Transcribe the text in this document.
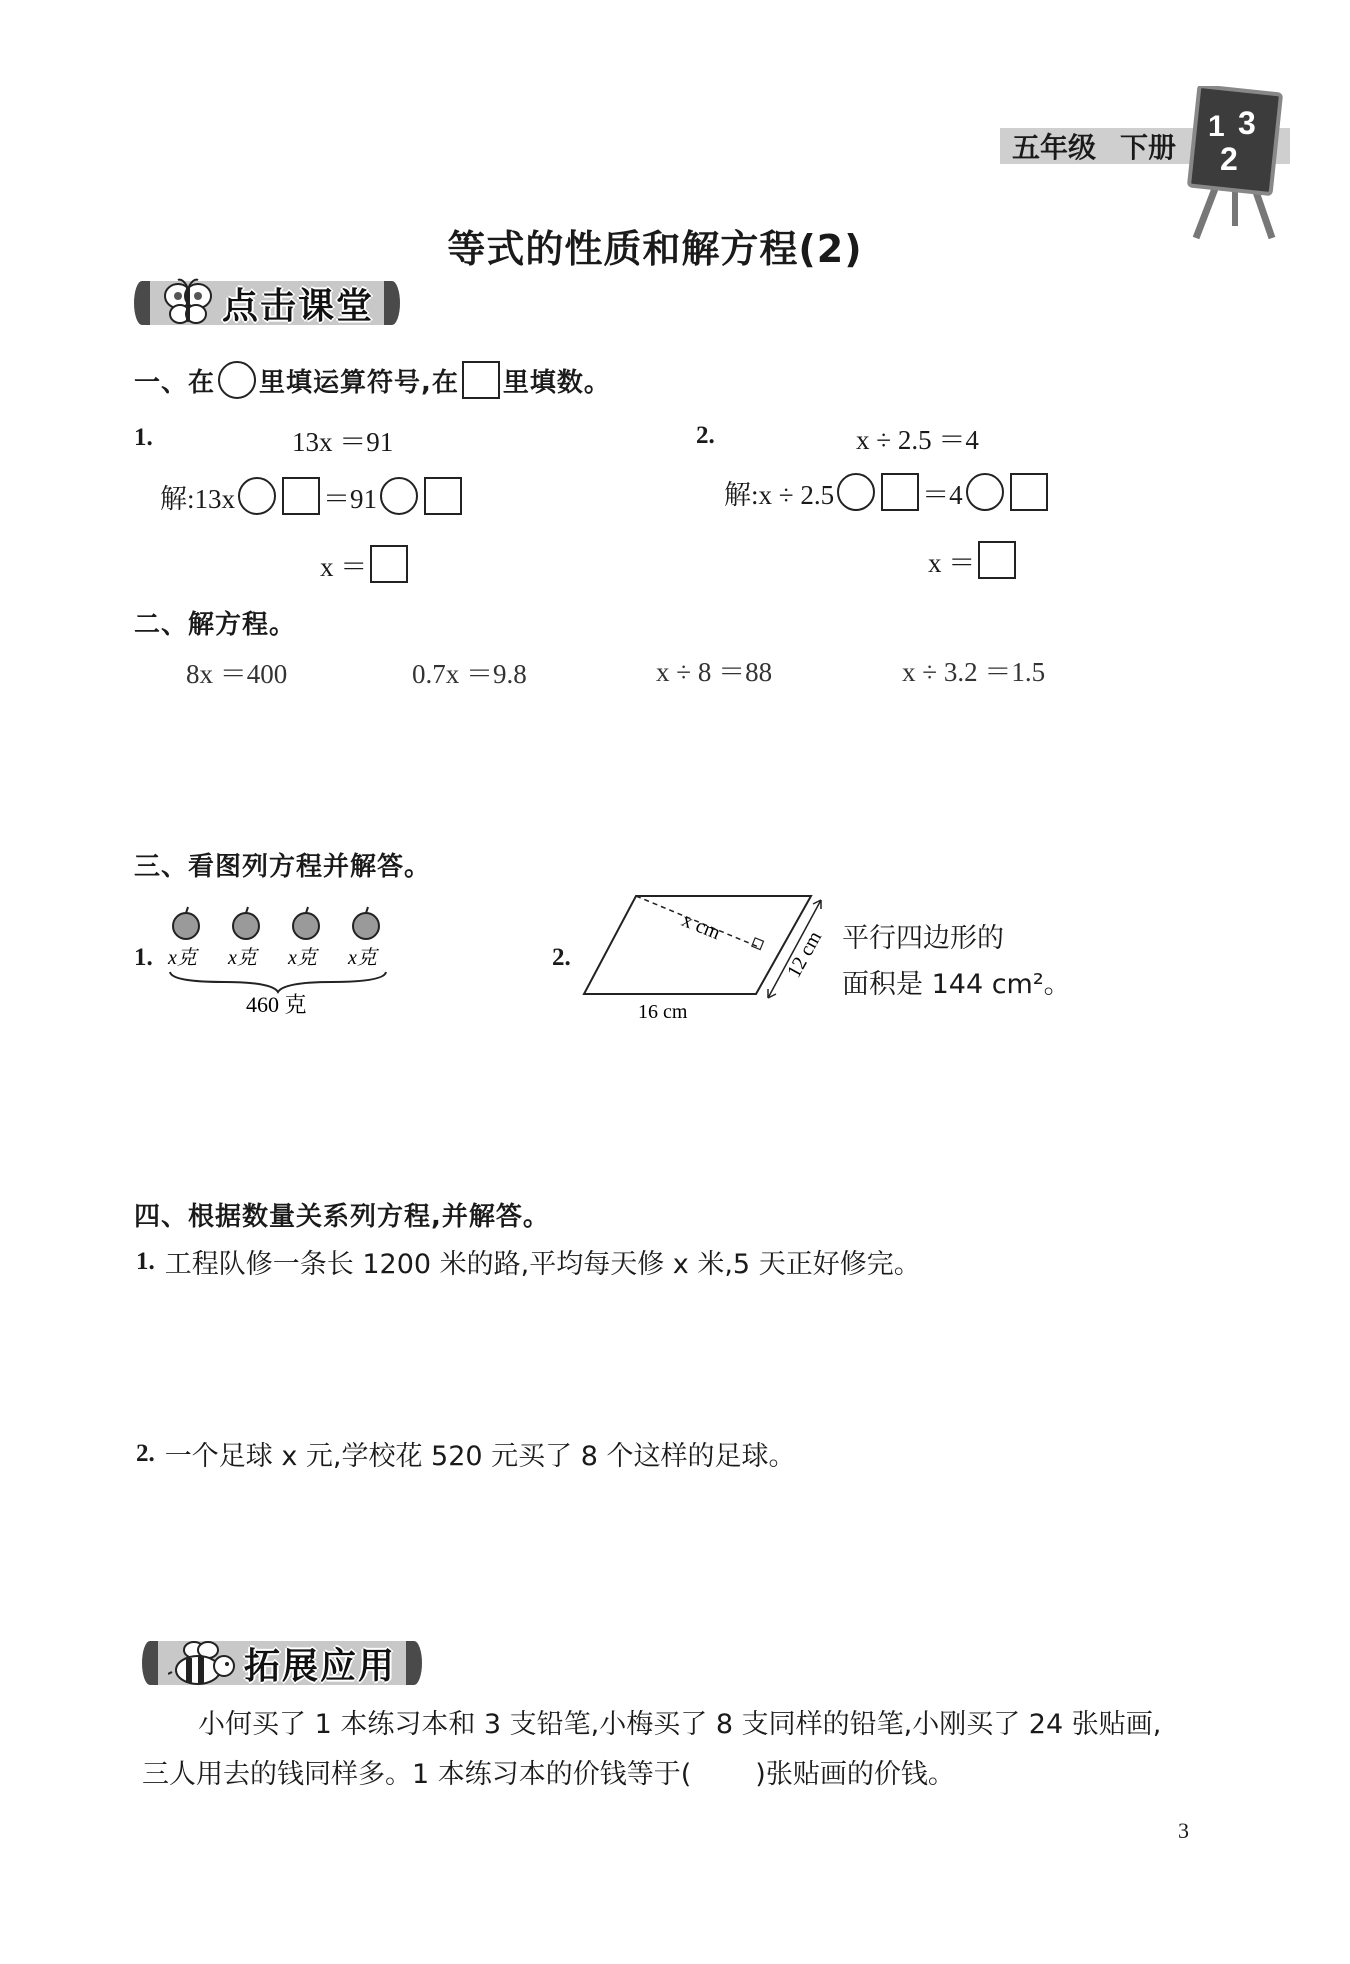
五年级 下册
1 3
2
等式的性质和解方程(2)
点击课堂
一、在 里填运算符号,在 里填数。
1.	13x ＝91
解:13x	＝91
x ＝
2.	x ÷ 2.5 ＝4
解:x ÷ 2.5	＝4
x ＝
二、解方程。
8x ＝400	0.7x ＝9.8	x ÷ 8 ＝88	x ÷ 3.2 ＝1.5
三、看图列方程并解答。
1. x克 x克 x克 x克
460 克
2.
x cm
12 cm
16 cm
平行四边形的
面积是 144 cm²。
四、根据数量关系列方程,并解答。
1. 工程队修一条长 1200 米的路,平均每天修 x 米,5 天正好修完。
2. 一个足球 x 元,学校花 520 元买了 8 个这样的足球。
拓展应用
小何买了 1 本练习本和 3 支铅笔,小梅买了 8 支同样的铅笔,小刚买了 24 张贴画,
三人用去的钱同样多。1 本练习本的价钱等于( )张贴画的价钱。
3
